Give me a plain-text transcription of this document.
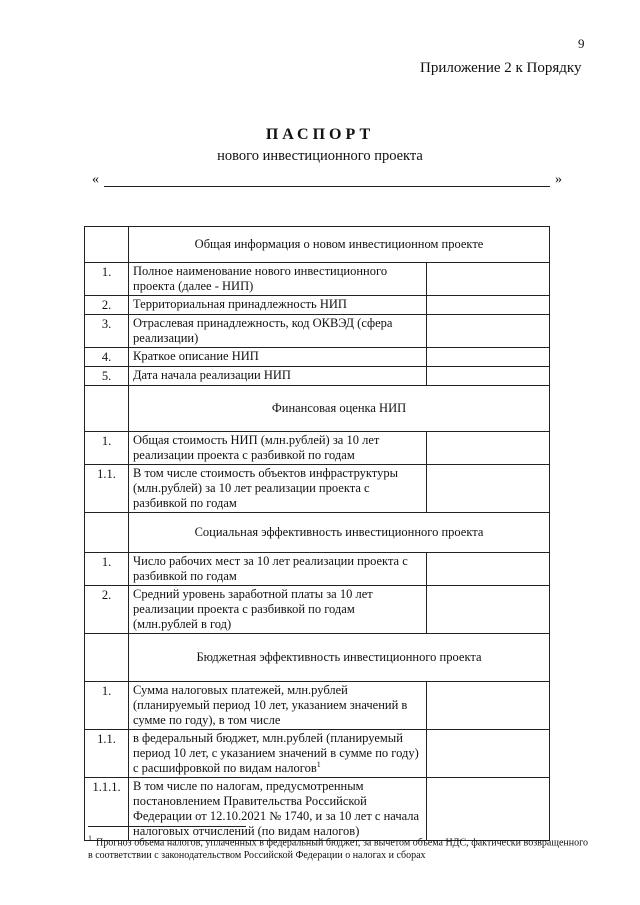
9
Приложение 2 к Порядку
ПАСПОРТ
нового инвестиционного проекта
«	»
	Общая информация о новом инвестиционном проекте	
1.	Полное наименование нового инвестиционного проекта (далее - НИП)	
2.	Территориальная принадлежность НИП	
3.	Отраслевая принадлежность, код ОКВЭД (сфера реализации)	
4.	Краткое описание НИП	
5.	Дата начала реализации НИП	
	Финансовая оценка НИП	
1.	Общая стоимость НИП (млн.рублей) за 10 лет реализации проекта с разбивкой по годам	
1.1.	В том числе стоимость объектов инфраструктуры (млн.рублей) за 10 лет реализации проекта с разбивкой по годам	
	Социальная эффективность инвестиционного проекта	
1.	Число рабочих мест за 10 лет реализации проекта с разбивкой по годам	
2.	Средний уровень заработной платы за 10 лет реализации проекта с разбивкой по годам (млн.рублей в год)	
	Бюджетная эффективность инвестиционного проекта	
1.	Сумма налоговых платежей, млн.рублей (планируемый период 10 лет, указанием значений в сумме по году), в том числе	
1.1.	в федеральный бюджет, млн.рублей (планируемый период 10 лет, с указанием значений в сумме по году) с расшифровкой по видам налогов$^1$	
1.1.1.	В том числе по налогам, предусмотренным постановлением Правительства Российской Федерации от 12.10.2021 № 1740, и за 10 лет с начала налоговых отчислений (по видам налогов)	
$^1$ Прогноз объема налогов, уплаченных в федеральный бюджет, за вычетом объема НДС, фактически возвращенного в соответствии с законодательством Российской Федерации о налогах и сборах
